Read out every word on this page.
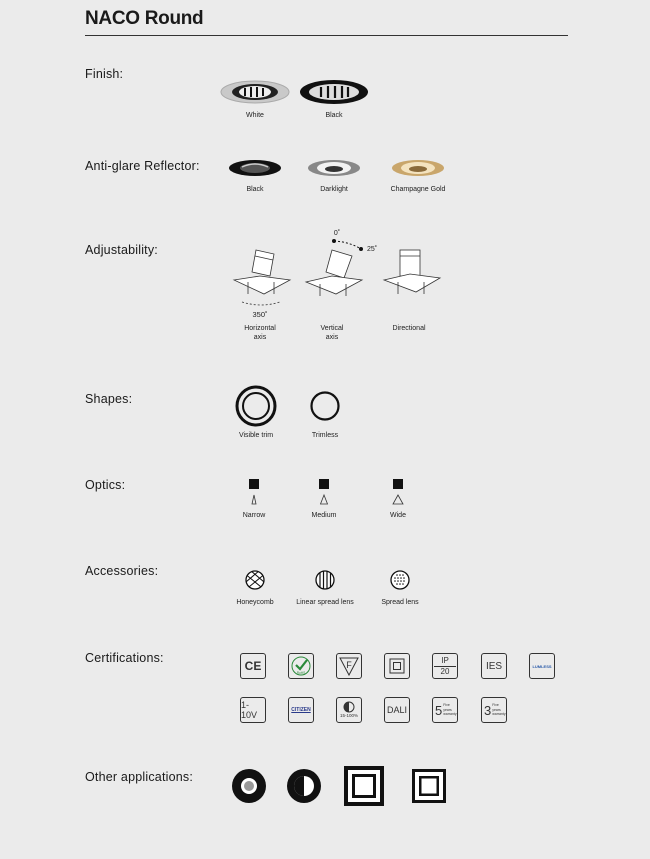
NACO Round
Finish:
White	Black
Anti-glare Reflector:
Black	Darklight	Champagne Gold
Adjustability:
0˚
25˚
350˚
Horizontal
axis
Vertical
axis
Directional
Shapes:
Visible trim	Trimless
Optics:
Narrow	Medium	Wide
Accessories:
Honeycomb	Linear spread lens	Spread lens
Certifications:
CE	RoHS
F	IP
20	IES	LUMLESS
1-10V	CITIZEN
15-100%
DALI 5 Five
years
warranty 3 Five
years
warranty
Other applications:
